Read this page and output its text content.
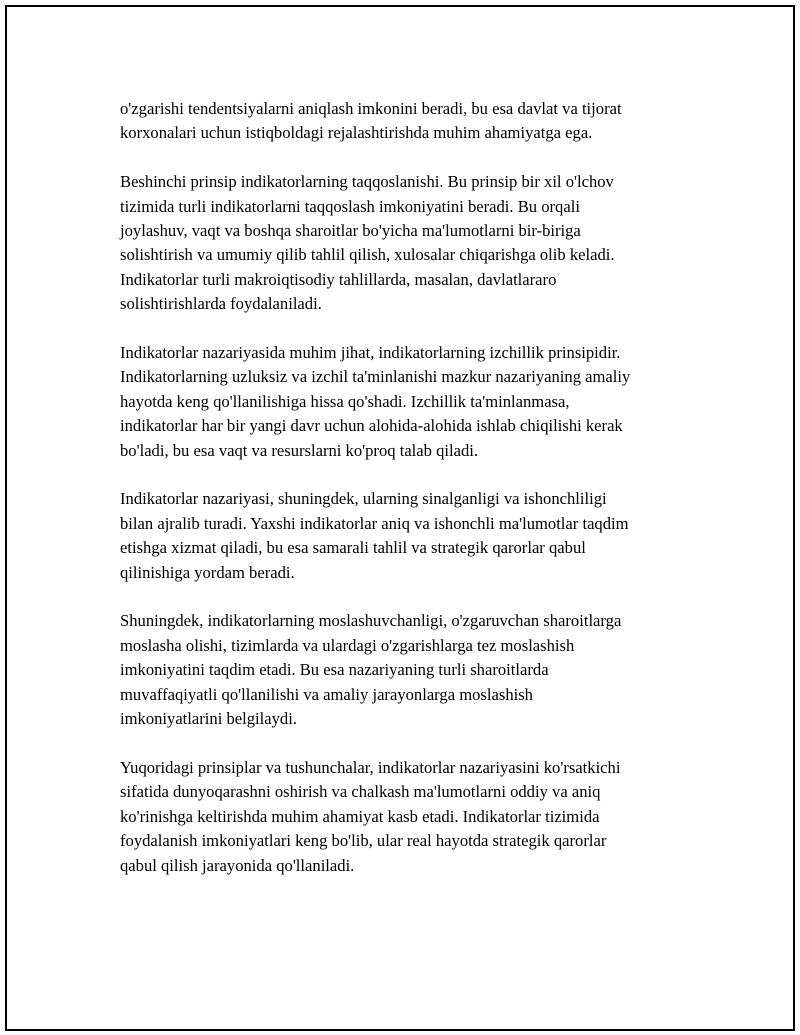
o'zgarishi tendentsiyalarni aniqlash imkonini beradi, bu esa davlat va tijorat
korxonalari uchun istiqboldagi rejalashtirishda muhim ahamiyatga ega.

Beshinchi prinsip indikatorlarning taqqoslanishi. Bu prinsip bir xil o'lchov
tizimida turli indikatorlarni taqqoslash imkoniyatini beradi. Bu orqali
joylashuv, vaqt va boshqa sharoitlar bo'yicha ma'lumotlarni bir-biriga
solishtirish va umumiy qilib tahlil qilish, xulosalar chiqarishga olib keladi.
Indikatorlar turli makroiqtisodiy tahlillarda, masalan, davlatlararo
solishtirishlarda foydalaniladi.

Indikatorlar nazariyasida muhim jihat, indikatorlarning izchillik prinsipidir.
Indikatorlarning uzluksiz va izchil ta'minlanishi mazkur nazariyaning amaliy
hayotda keng qo'llanilishiga hissa qo'shadi. Izchillik ta'minlanmasa,
indikatorlar har bir yangi davr uchun alohida-alohida ishlab chiqilishi kerak
bo'ladi, bu esa vaqt va resurslarni ko'proq talab qiladi.

Indikatorlar nazariyasi, shuningdek, ularning sinalganligi va ishonchliligi
bilan ajralib turadi. Yaxshi indikatorlar aniq va ishonchli ma'lumotlar taqdim
etishga xizmat qiladi, bu esa samarali tahlil va strategik qarorlar qabul
qilinishiga yordam beradi.

Shuningdek, indikatorlarning moslashuvchanligi, o'zgaruvchan sharoitlarga
moslasha olishi, tizimlarda va ulardagi o'zgarishlarga tez moslashish
imkoniyatini taqdim etadi. Bu esa nazariyaning turli sharoitlarda
muvaffaqiyatli qo'llanilishi va amaliy jarayonlarga moslashish
imkoniyatlarini belgilaydi.

Yuqoridagi prinsiplar va tushunchalar, indikatorlar nazariyasini ko'rsatkichi
sifatida dunyoqarashni oshirish va chalkash ma'lumotlarni oddiy va aniq
ko'rinishga keltirishda muhim ahamiyat kasb etadi. Indikatorlar tizimida
foydalanish imkoniyatlari keng bo'lib, ular real hayotda strategik qarorlar
qabul qilish jarayonida qo'llaniladi.
